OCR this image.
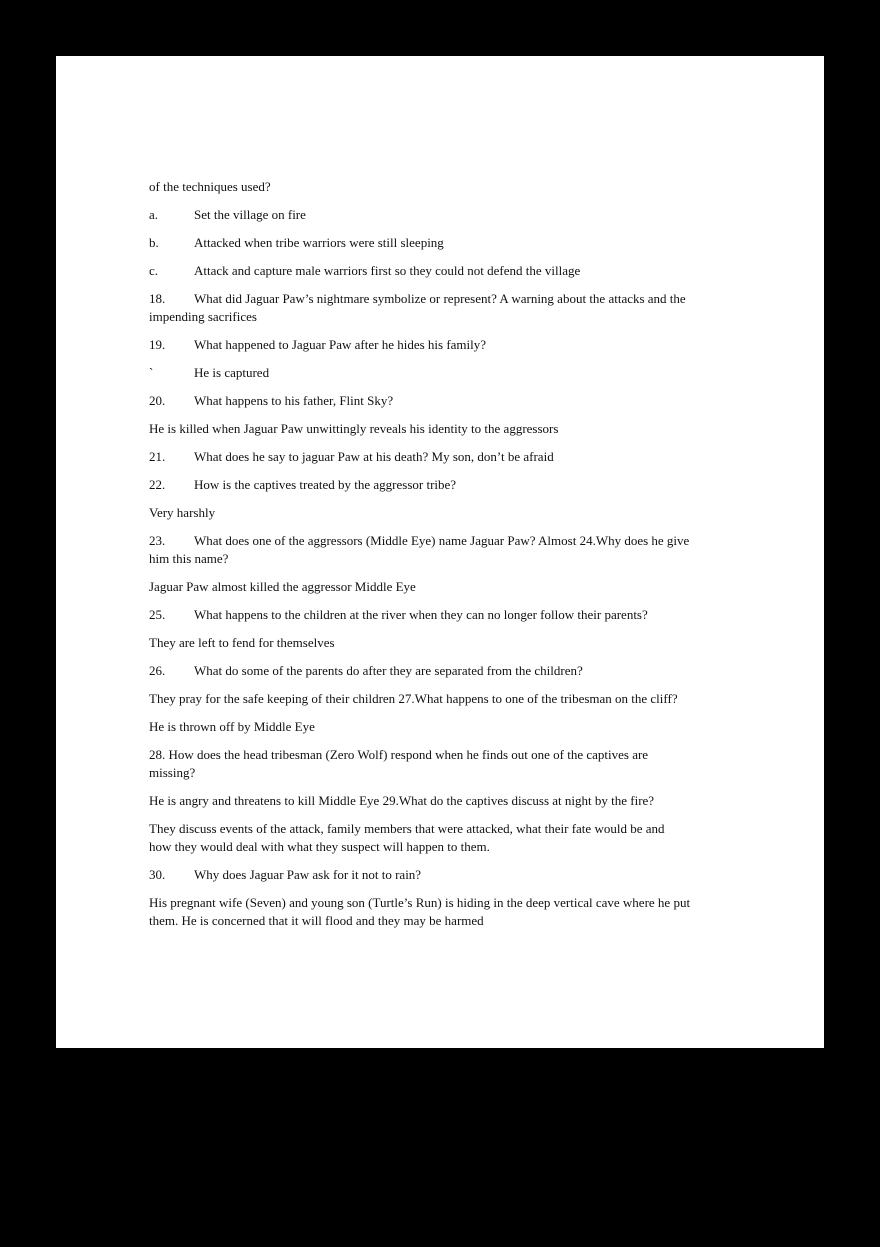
of the techniques used?
a.	Set the village on fire
b.	Attacked when tribe warriors were still sleeping
c.	Attack and capture male warriors first so they could not defend the village
18. What did Jaguar Paw’s nightmare symbolize or represent? A warning about the attacks and the
impending sacrifices
19. What happened to Jaguar Paw after he hides his family?
`	He is captured
20. What happens to his father, Flint Sky?
He is killed when Jaguar Paw unwittingly reveals his identity to the aggressors
21. What does he say to jaguar Paw at his death? My son, don’t be afraid
22. How is the captives treated by the aggressor tribe?
Very harshly
23. What does one of the aggressors (Middle Eye) name Jaguar Paw? Almost 24.Why does he give
him this name?
Jaguar Paw almost killed the aggressor Middle Eye
25. What happens to the children at the river when they can no longer follow their parents?
They are left to fend for themselves
26. What do some of the parents do after they are separated from the children?
They pray for the safe keeping of their children 27.What happens to one of the tribesman on the cliff?
He is thrown off by Middle Eye
28. How does the head tribesman (Zero Wolf) respond when he finds out one of the captives are
missing?
He is angry and threatens to kill Middle Eye 29.What do the captives discuss at night by the fire?
They discuss events of the attack, family members that were attacked, what their fate would be and
how they would deal with what they suspect will happen to them.
30. Why does Jaguar Paw ask for it not to rain?
His pregnant wife (Seven) and young son (Turtle’s Run) is hiding in the deep vertical cave where he put
them. He is concerned that it will flood and they may be harmed
